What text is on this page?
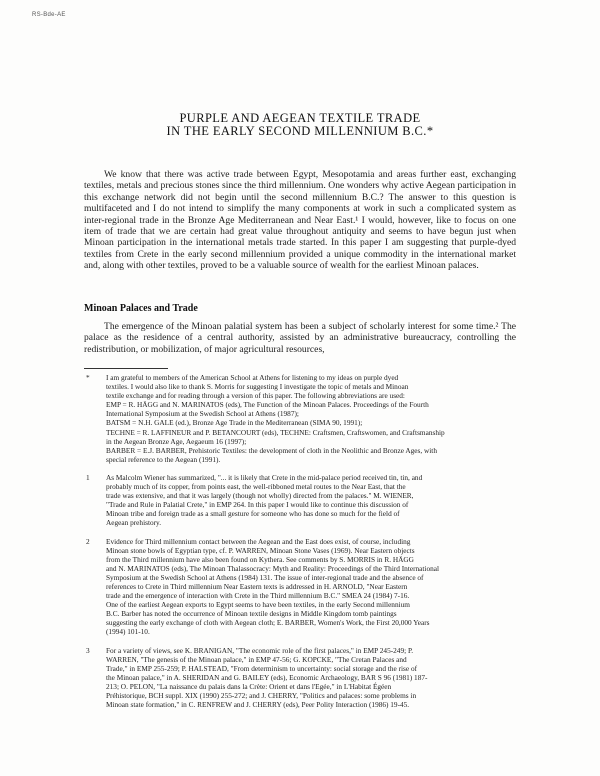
RS-Bde-AE
PURPLE AND AEGEAN TEXTILE TRADE
IN THE EARLY SECOND MILLENNIUM B.C.*
We know that there was active trade between Egypt, Mesopotamia and areas further east, exchanging textiles, metals and precious stones since the third millennium. One wonders why active Aegean participation in this exchange network did not begin until the second millennium B.C.? The answer to this question is multifaceted and I do not intend to simplify the many components at work in such a complicated system as inter-regional trade in the Bronze Age Mediterranean and Near East.¹ I would, however, like to focus on one item of trade that we are certain had great value throughout antiquity and seems to have begun just when Minoan participation in the international metals trade started. In this paper I am suggesting that purple-dyed textiles from Crete in the early second millennium provided a unique commodity in the international market and, along with other textiles, proved to be a valuable source of wealth for the earliest Minoan palaces.
Minoan Palaces and Trade
The emergence of the Minoan palatial system has been a subject of scholarly interest for some time.² The palace as the residence of a central authority, assisted by an administrative bureaucracy, controlling the redistribution, or mobilization, of major agricultural resources,
* I am grateful to members of the American School at Athens for listening to my ideas on purple dyed
textiles. I would also like to thank S. Morris for suggesting I investigate the topic of metals and Minoan
textile exchange and for reading through a version of this paper. The following abbreviations are used:
EMP = R. HÄGG and N. MARINATOS (eds), The Function of the Minoan Palaces. Proceedings of the Fourth
International Symposium at the Swedish School at Athens (1987);
BATSM = N.H. GALE (ed.), Bronze Age Trade in the Mediterranean (SIMA 90, 1991);
TECHNE = R. LAFFINEUR and P. BETANCOURT (eds), TECHNE: Craftsmen, Craftswomen, and Craftsmanship
in the Aegean Bronze Age, Aegaeum 16 (1997);
BARBER = E.J. BARBER, Prehistoric Textiles: the development of cloth in the Neolithic and Bronze Ages, with
special reference to the Aegean (1991).
1 As Malcolm Wiener has summarized, "... it is likely that Crete in the mid-palace period received tin, tin, and
probably much of its copper, from points east, the well-ribboned metal routes to the Near East, that the
trade was extensive, and that it was largely (though not wholly) directed from the palaces." M. WIENER,
"Trade and Rule in Palatial Crete," in EMP 264. In this paper I would like to continue this discussion of
Minoan tribe and foreign trade as a small gesture for someone who has done so much for the field of
Aegean prehistory.
2 Evidence for Third millennium contact between the Aegean and the East does exist, of course, including
Minoan stone bowls of Egyptian type, cf. P. WARREN, Minoan Stone Vases (1969). Near Eastern objects
from the Third millennium have also been found on Kythera. See comments by S. MORRIS in R. HÄGG
and N. MARINATOS (eds), The Minoan Thalassocracy: Myth and Reality: Proceedings of the Third International
Symposium at the Swedish School at Athens (1984) 131. The issue of inter-regional trade and the absence of
references to Crete in Third millennium Near Eastern texts is addressed in H. ARNOLD, "Near Eastern
trade and the emergence of interaction with Crete in the Third millennium B.C." SMEA 24 (1984) 7-16.
One of the earliest Aegean exports to Egypt seems to have been textiles, in the early Second millennium
B.C. Barber has noted the occurrence of Minoan textile designs in Middle Kingdom tomb paintings
suggesting the early exchange of cloth with Aegean cloth; E. BARBER, Women's Work, the First 20,000 Years
(1994) 101-10.
3 For a variety of views, see K. BRANIGAN, "The economic role of the first palaces," in EMP 245-249; P.
WARREN, "The genesis of the Minoan palace," in EMP 47-56; G. KOPCKE, "The Cretan Palaces and
Trade," in EMP 255-259; P. HALSTEAD, "From determinism to uncertainty: social storage and the rise of
the Minoan palace," in A. SHERIDAN and G. BAILEY (eds), Economic Archaeology, BAR S 96 (1981) 187-
213; O. PELON, "La naissance du palais dans la Crète: Orient et dans l'Egée," in L'Habitat Égéen
Préhistorique, BCH suppl. XIX (1990) 255-272; and J. CHERRY, "Politics and palaces: some problems in
Minoan state formation," in C. RENFREW and J. CHERRY (eds), Peer Polity Interaction (1986) 19-45.
